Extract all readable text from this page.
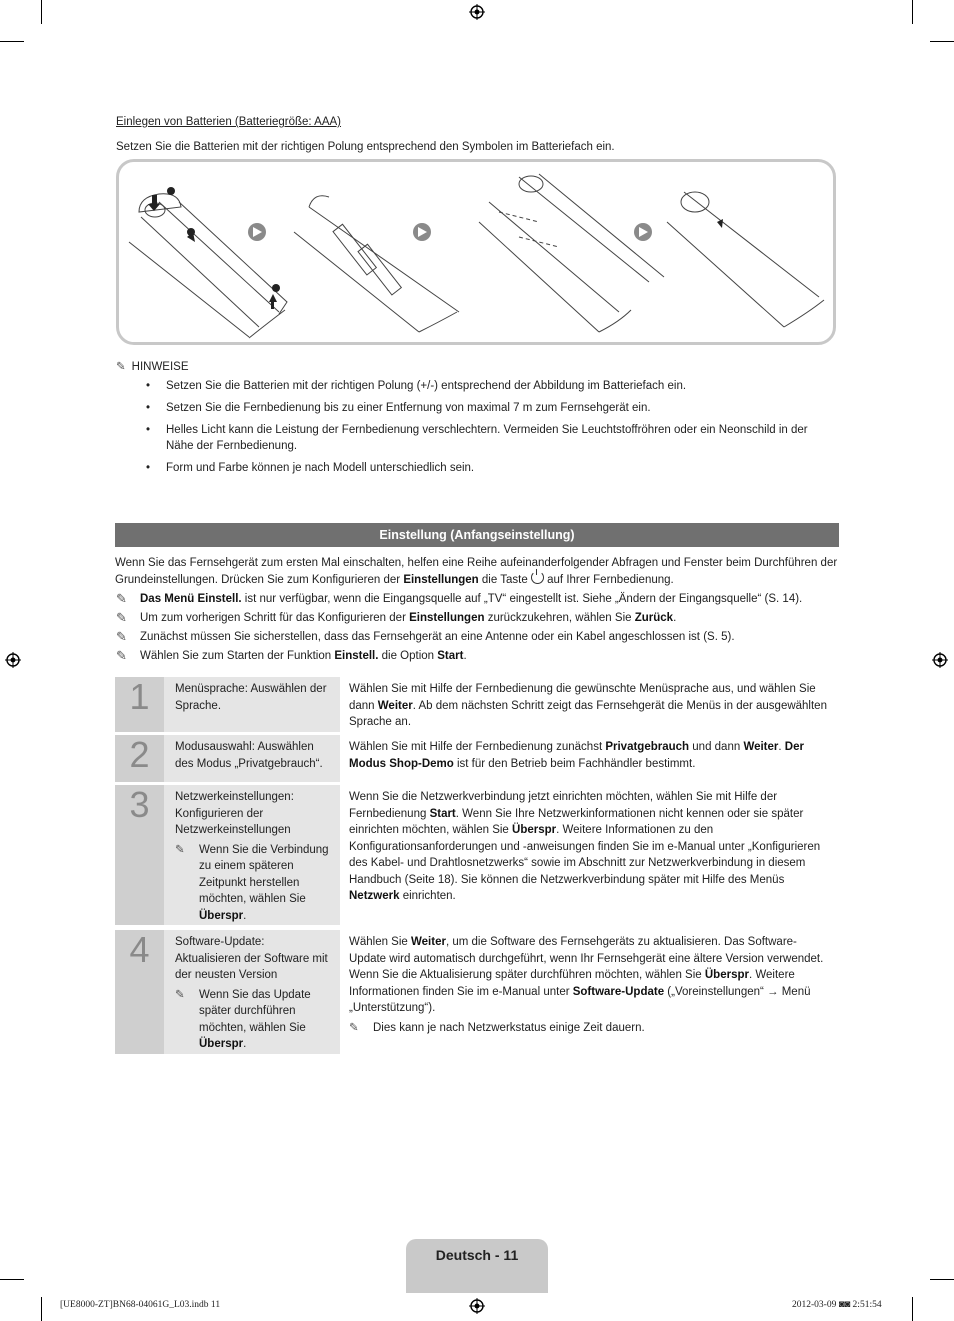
Einlegen von Batterien (Batteriegröße: AAA)
Setzen Sie die Batterien mit der richtigen Polung entsprechend den Symbolen im Batteriefach ein.
✎ HINWEISE
• Setzen Sie die Batterien mit der richtigen Polung (+/-) entsprechend der Abbildung im Batteriefach ein.
• Setzen Sie die Fernbedienung bis zu einer Entfernung von maximal 7 m zum Fernsehgerät ein.
• Helles Licht kann die Leistung der Fernbedienung verschlechtern. Vermeiden Sie Leuchtstoffröhren oder ein Neonschild in der Nähe der Fernbedienung.
• Form und Farbe können je nach Modell unterschiedlich sein.
Einstellung (Anfangseinstellung)
Wenn Sie das Fernsehgerät zum ersten Mal einschalten, helfen eine Reihe aufeinanderfolgender Abfragen und Fenster beim Durchführen der
Grundeinstellungen. Drücken Sie zum Konfigurieren der Einstellungen die Taste
auf Ihrer Fernbedienung.
✎ Das Menü Einstell. ist nur verfügbar, wenn die Eingangsquelle auf „TV“ eingestellt ist. Siehe „Ändern der Eingangsquelle“ (S. 14).
✎ Um zum vorherigen Schritt für das Konfigurieren der Einstellungen zurückzukehren, wählen Sie Zurück.
✎ Zunächst müssen Sie sicherstellen, dass das Fernsehgerät an eine Antenne oder ein Kabel angeschlossen ist (S. 5).
✎ Wählen Sie zum Starten der Funktion Einstell. die Option Start.
1	Menüsprache: Auswählen der Sprache.
Wählen Sie mit Hilfe der Fernbedienung die gewünschte Menüsprache aus, und wählen Sie dann Weiter. Ab dem nächsten Schritt zeigt das Fernsehgerät die Menüs in der ausgewählten Sprache an.
2	Modusauswahl: Auswählen des Modus „Privatgebrauch“.
Wählen Sie mit Hilfe der Fernbedienung zunächst Privatgebrauch und dann Weiter. Der Modus Shop-Demo ist für den Betrieb beim Fachhändler bestimmt.
3	Netzwerkeinstellungen: Konfigurieren der Netzwerkeinstellungen
✎ Wenn Sie die Verbindung zu einem späteren Zeitpunkt herstellen möchten, wählen Sie Überspr.
Wenn Sie die Netzwerkverbindung jetzt einrichten möchten, wählen Sie mit Hilfe der Fernbedienung Start. Wenn Sie Ihre Netzwerkinformationen nicht kennen oder sie später einrichten möchten, wählen Sie Überspr. Weitere Informationen zu den Konfigurationsanforderungen und -anweisungen finden Sie im e-Manual unter „Konfigurieren des Kabel- und Drahtlosnetzwerks“ sowie im Abschnitt zur Netzwerkverbindung in diesem Handbuch (Seite 18). Sie können die Netzwerkverbindung später mit Hilfe des Menüs Netzwerk einrichten.
4	Software-Update: Aktualisieren der Software mit der neusten Version
✎ Wenn Sie das Update später durchführen möchten, wählen Sie Überspr.
Wählen Sie Weiter, um die Software des Fernsehgeräts zu aktualisieren. Das Software-Update wird automatisch durchgeführt, wenn Ihr Fernsehgerät eine ältere Version verwendet. Wenn Sie die Aktualisierung später durchführen möchten, wählen Sie Überspr. Weitere Informationen finden Sie im e-Manual unter Software-Update („Voreinstellungen“ → Menü „Unterstützung“).
✎ Dies kann je nach Netzwerkstatus einige Zeit dauern.
Deutsch - 11
[UE8000-ZT]BN68-04061G_L03.indb 11	2012-03-09 ◙◙ 2:51:54
